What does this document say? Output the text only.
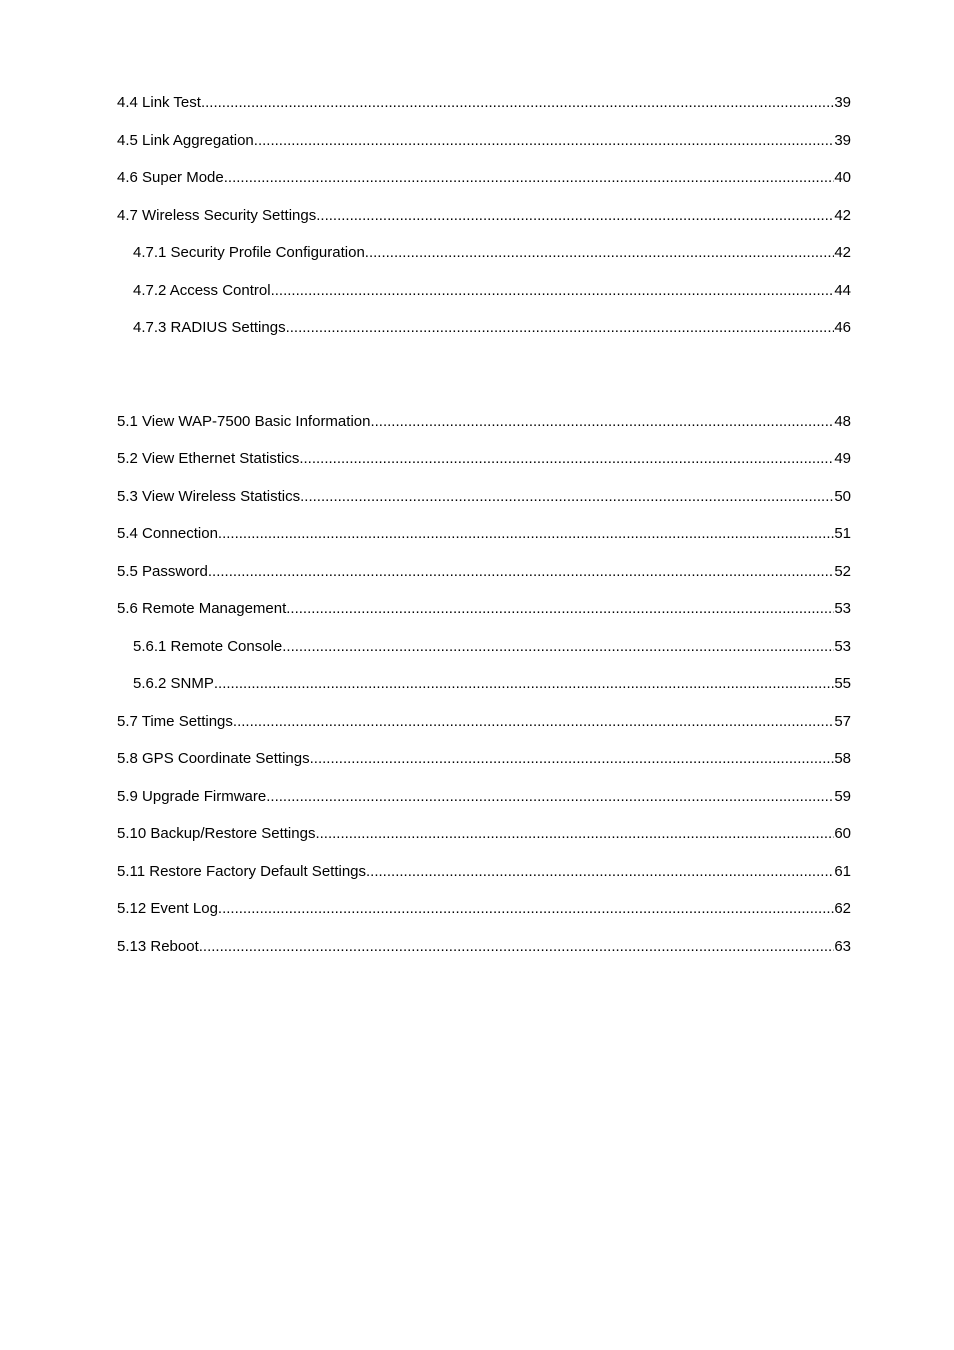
4.4 Link Test .....	39
4.5 Link Aggregation .....	39
4.6 Super Mode .....	40
4.7 Wireless Security Settings .....	42
4.7.1 Security Profile Configuration .....	42
4.7.2 Access Control .....	44
4.7.3 RADIUS Settings .....	46
5.1 View WAP-7500 Basic Information .....	48
5.2 View Ethernet Statistics .....	49
5.3 View Wireless Statistics .....	50
5.4 Connection .....	51
5.5 Password .....	52
5.6 Remote Management .....	53
5.6.1 Remote Console .....	53
5.6.2 SNMP .....	55
5.7 Time Settings .....	57
5.8 GPS Coordinate Settings .....	58
5.9 Upgrade Firmware .....	59
5.10 Backup/Restore Settings .....	60
5.11 Restore Factory Default Settings .....	61
5.12 Event Log .....	62
5.13 Reboot .....	63
